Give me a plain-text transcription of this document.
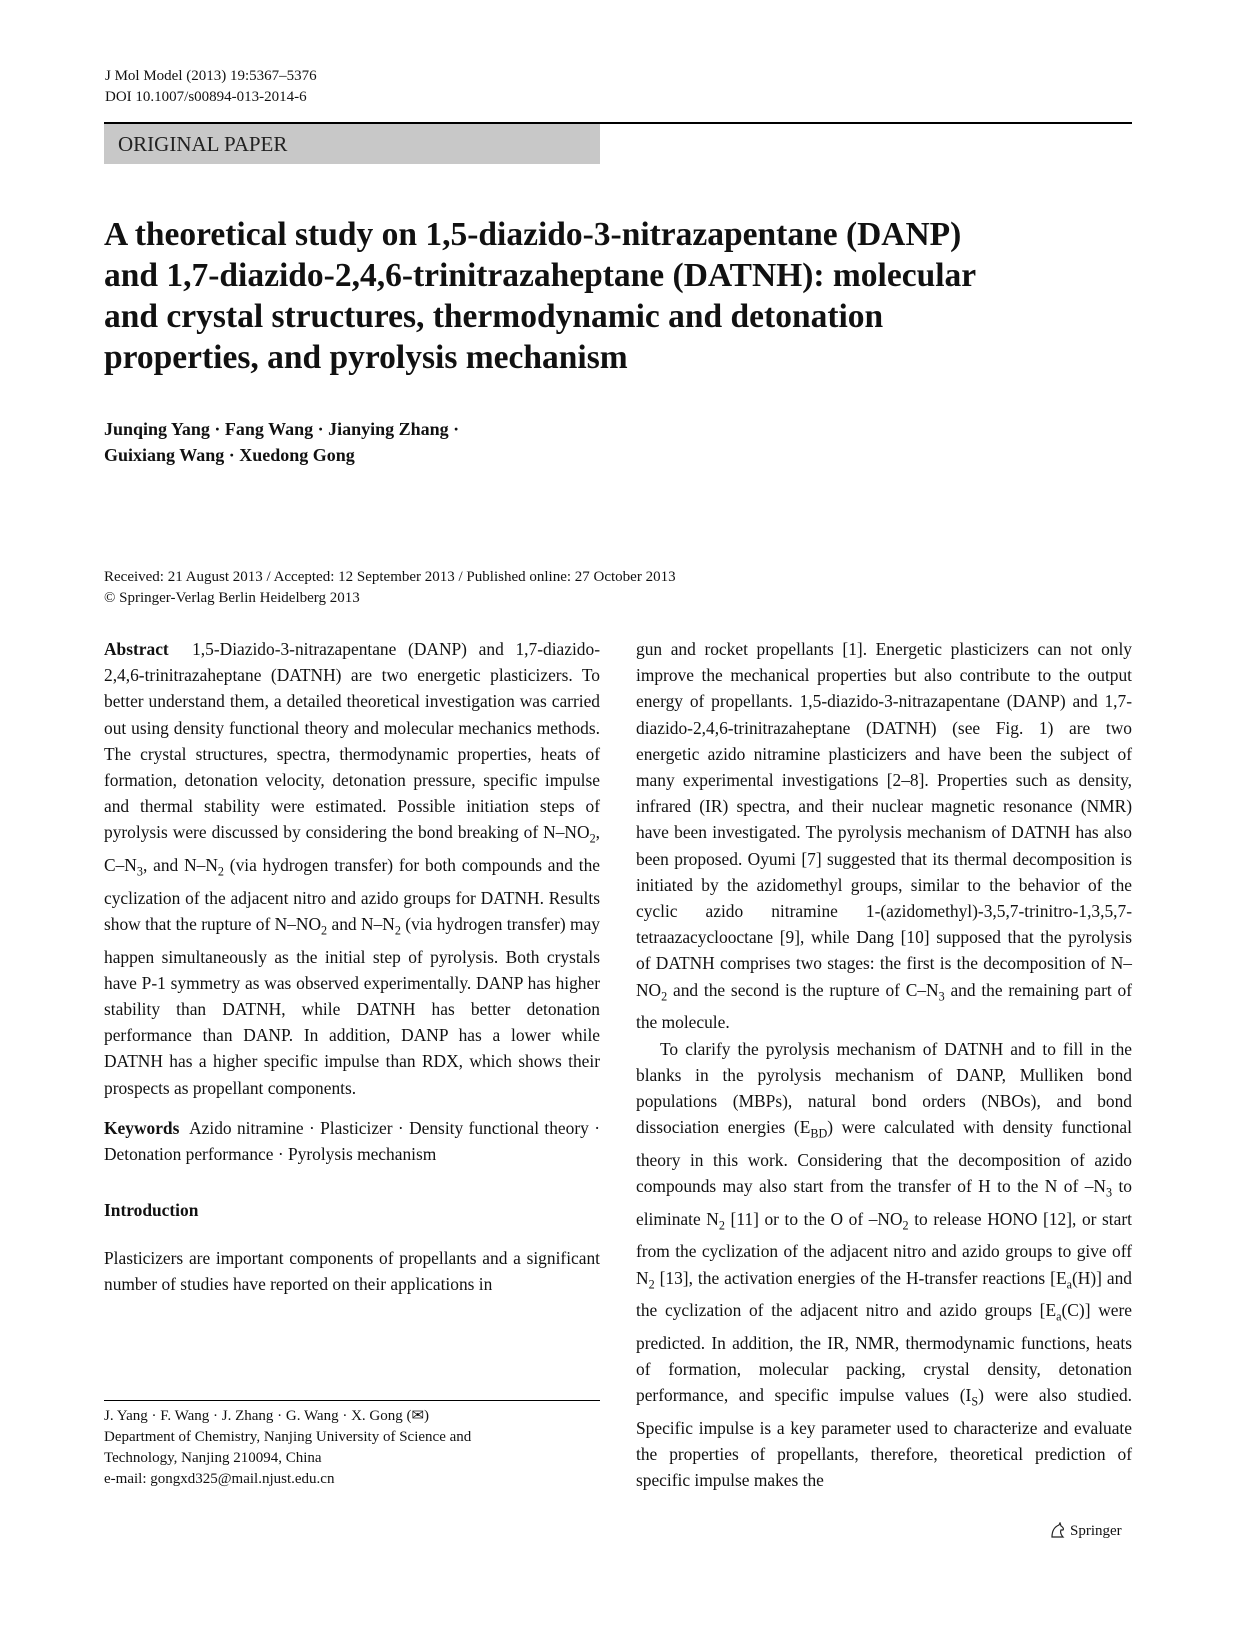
J Mol Model (2013) 19:5367–5376
DOI 10.1007/s00894-013-2014-6
ORIGINAL PAPER
A theoretical study on 1,5-diazido-3-nitrazapentane (DANP)
and 1,7-diazido-2,4,6-trinitrazaheptane (DATNH): molecular
and crystal structures, thermodynamic and detonation
properties, and pyrolysis mechanism
Junqing Yang · Fang Wang · Jianying Zhang ·
Guixiang Wang · Xuedong Gong
Received: 21 August 2013 / Accepted: 12 September 2013 / Published online: 27 October 2013
© Springer-Verlag Berlin Heidelberg 2013

Abstract 1,5-Diazido-3-nitrazapentane (DANP) and 1,7-diazido-2,4,6-trinitrazaheptane (DATNH) are two energetic plasticizers. To better understand them, a detailed theoretical investigation was carried out using density functional theory and molecular mechanics methods. The crystal structures, spectra, thermodynamic properties, heats of formation, detonation velocity, detonation pressure, specific impulse and thermal stability were estimated. Possible initiation steps of pyrolysis were discussed by considering the bond breaking of $N-NO_2$, $C-N_3$, and $N-N_2$ (via hydrogen transfer) for both compounds and the cyclization of the adjacent nitro and azido groups for DATNH. Results show that the rupture of $N-NO_2$ and $N-N_2$ (via hydrogen transfer) may happen simultaneously as the initial step of pyrolysis. Both crystals have P-1 symmetry as was observed experimentally. DANP has higher stability than DATNH, while DATNH has better detonation performance than DANP. In addition, DANP has a lower while DATNH has a higher specific impulse than RDX, which shows their prospects as propellant components.

Keywords Azido nitramine · Plasticizer · Density functional theory · Detonation performance · Pyrolysis mechanism

Introduction

Plasticizers are important components of propellants and a significant number of studies have reported on their applications in

J. Yang · F. Wang · J. Zhang · G. Wang · X. Gong (✉)
Department of Chemistry, Nanjing University of Science and
Technology, Nanjing 210094, China
e-mail: gongxd325@mail.njust.edu.cn

gun and rocket propellants [1]. Energetic plasticizers can not only improve the mechanical properties but also contribute to the output energy of propellants. 1,5-diazido-3-nitrazapentane (DANP) and 1,7-diazido-2,4,6-trinitrazaheptane (DATNH) (see Fig. 1) are two energetic azido nitramine plasticizers and have been the subject of many experimental investigations [2–8]. Properties such as density, infrared (IR) spectra, and their nuclear magnetic resonance (NMR) have been investigated. The pyrolysis mechanism of DATNH has also been proposed. Oyumi [7] suggested that its thermal decomposition is initiated by the azidomethyl groups, similar to the behavior of the cyclic azido nitramine 1-(azidomethyl)-3,5,7-trinitro-1,3,5,7-tetraazacyclooctane [9], while Dang [10] supposed that the pyrolysis of DATNH comprises two stages: the first is the decomposition of $N-NO_2$ and the second is the rupture of $C-N_3$ and the remaining part of the molecule.

To clarify the pyrolysis mechanism of DATNH and to fill in the blanks in the pyrolysis mechanism of DANP, Mulliken bond populations (MBPs), natural bond orders (NBOs), and bond dissociation energies $(E_{BD})$ were calculated with density functional theory in this work. Considering that the decomposition of azido compounds may also start from the transfer of H to the N of $-N_3$ to eliminate $N_2$ [11] or to the O of $-NO_2$ to release HONO [12], or start from the cyclization of the adjacent nitro and azido groups to give off $N_2$ [13], the activation energies of the H-transfer reactions $[E_a(H)]$ and the cyclization of the adjacent nitro and azido groups $[E_a(C)]$ were predicted. In addition, the IR, NMR, thermodynamic functions, heats of formation, molecular packing, crystal density, detonation performance, and specific impulse values $(I_S)$ were also studied. Specific impulse is a key parameter used to characterize and evaluate the properties of propellants, therefore, theoretical prediction of specific impulse makes the

Springer
